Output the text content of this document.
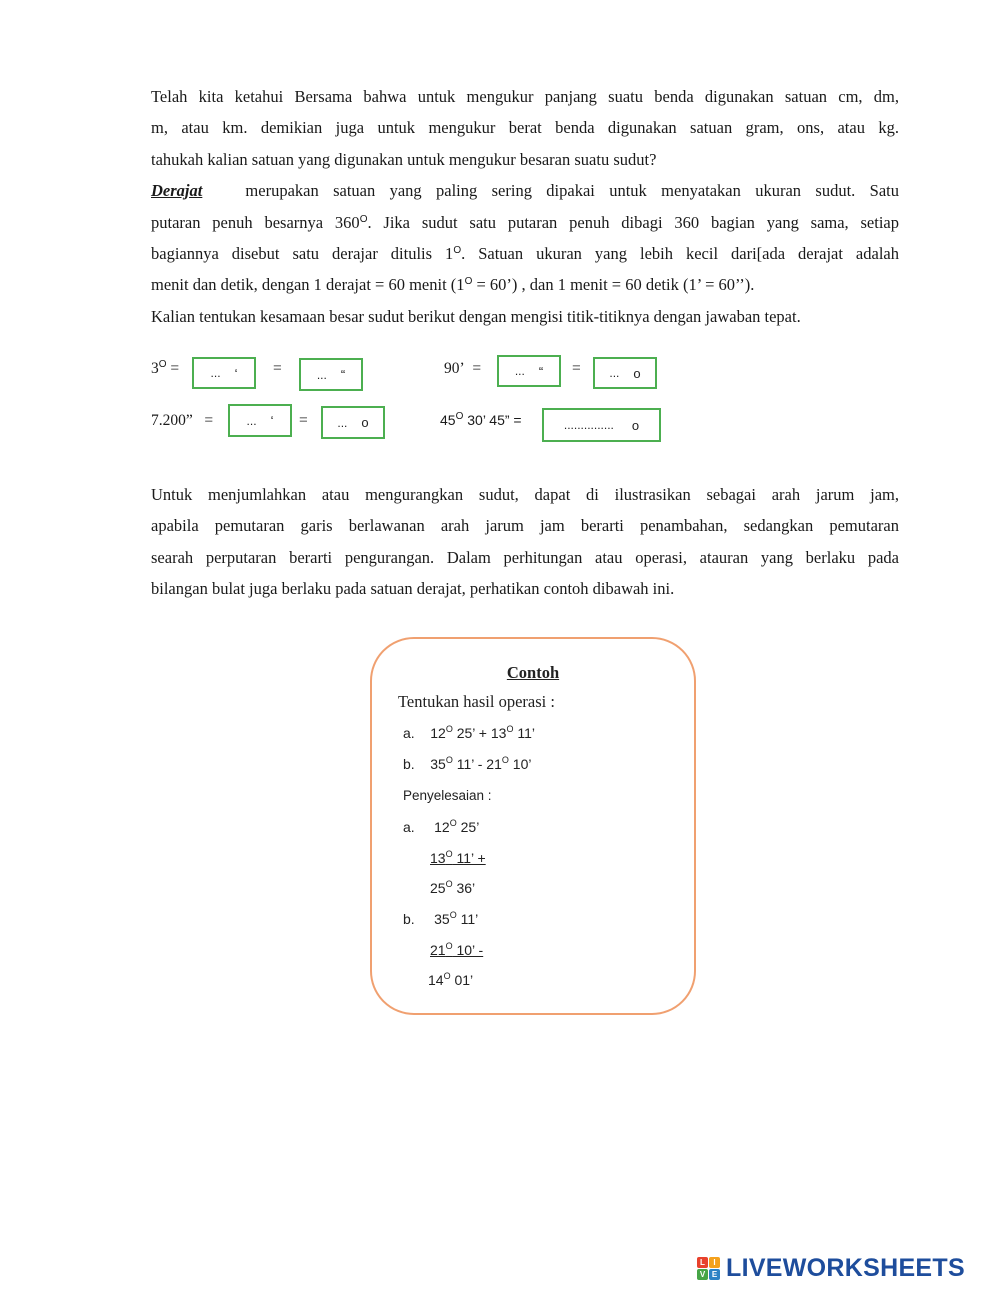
Telah kita ketahui Bersama bahwa untuk mengukur panjang suatu benda digunakan satuan cm, dm,
m, atau km. demikian juga untuk mengukur berat benda digunakan satuan gram, ons, atau kg.
tahukah kalian satuan yang digunakan untuk mengukur besaran suatu sudut?
Derajat	merupakan satuan yang paling sering dipakai untuk menyatakan ukuran sudut. Satu
putaran penuh besarnya $360^O$. Jika sudut satu putaran penuh dibagi 360 bagian yang sama, setiap
bagiannya disebut satu derajar ditulis $1^O$. Satuan ukuran yang lebih kecil dari[ada derajat adalah
menit dan detik, dengan 1 derajat = 60 menit ($1^O$ = 60’) , dan 1 menit = 60 detik (1’ = 60’’).
Kalian tentukan kesamaan besar sudut berikut dengan mengisi titik-titiknya dengan jawaban tepat.
$3^O$ =	... ‘ =	... “	90’ =	... “ = ... o
7.200” =	... ‘ = ... o	$45^O$ 30’ 45” =	............... o
Untuk menjumlahkan atau mengurangkan sudut, dapat di ilustrasikan sebagai arah jarum jam,
apabila pemutaran garis berlawanan arah jarum jam berarti penambahan, sedangkan pemutaran
searah perputaran berarti pengurangan. Dalam perhitungan atau operasi, atauran yang berlaku pada
bilangan bulat juga berlaku pada satuan derajat, perhatikan contoh dibawah ini.
Contoh
Tentukan hasil operasi :
a. $12^O$ 25’ + $13^O$ 11’
b. $35^O$ 11’ - $21^O$ 10’
Penyelesaian :
a. $12^O$ 25’
$13^O$ 11’ +
$25^O$ 36’
b. $35^O$ 11’
$21^O$ 10’ -
$14^O$ 01’
L	I
V E LIVEWORKSHEETS
